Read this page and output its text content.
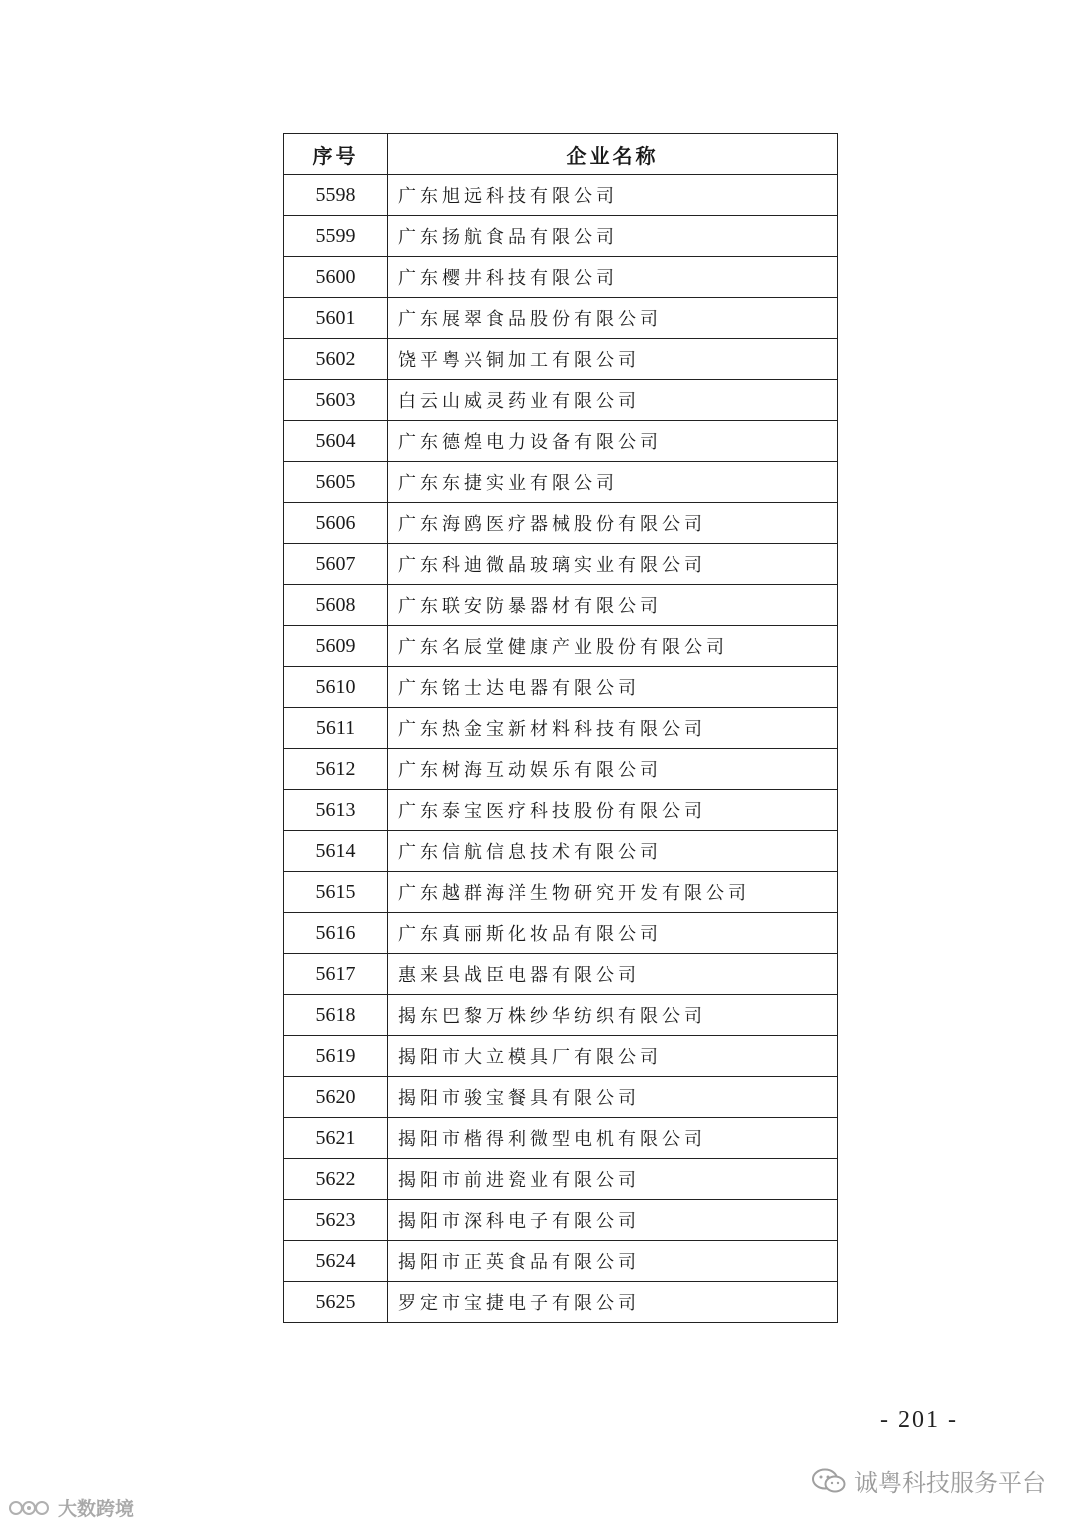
序号	企业名称
5598	广东旭远科技有限公司
5599	广东扬航食品有限公司
5600	广东樱井科技有限公司
5601	广东展翠食品股份有限公司
5602	饶平粤兴铜加工有限公司
5603	白云山威灵药业有限公司
5604	广东德煌电力设备有限公司
5605	广东东捷实业有限公司
5606	广东海鸥医疗器械股份有限公司
5607	广东科迪微晶玻璃实业有限公司
5608	广东联安防暴器材有限公司
5609	广东名辰堂健康产业股份有限公司
5610	广东铭士达电器有限公司
5611	广东热金宝新材料科技有限公司
5612	广东树海互动娱乐有限公司
5613	广东泰宝医疗科技股份有限公司
5614	广东信航信息技术有限公司
5615	广东越群海洋生物研究开发有限公司
5616	广东真丽斯化妆品有限公司
5617	惠来县战臣电器有限公司
5618	揭东巴黎万株纱华纺织有限公司
5619	揭阳市大立模具厂有限公司
5620	揭阳市骏宝餐具有限公司
5621	揭阳市楷得利微型电机有限公司
5622	揭阳市前进瓷业有限公司
5623	揭阳市深科电子有限公司
5624	揭阳市正英食品有限公司
5625	罗定市宝捷电子有限公司
- 201 -
诚粤科技服务平台
大数跨境
